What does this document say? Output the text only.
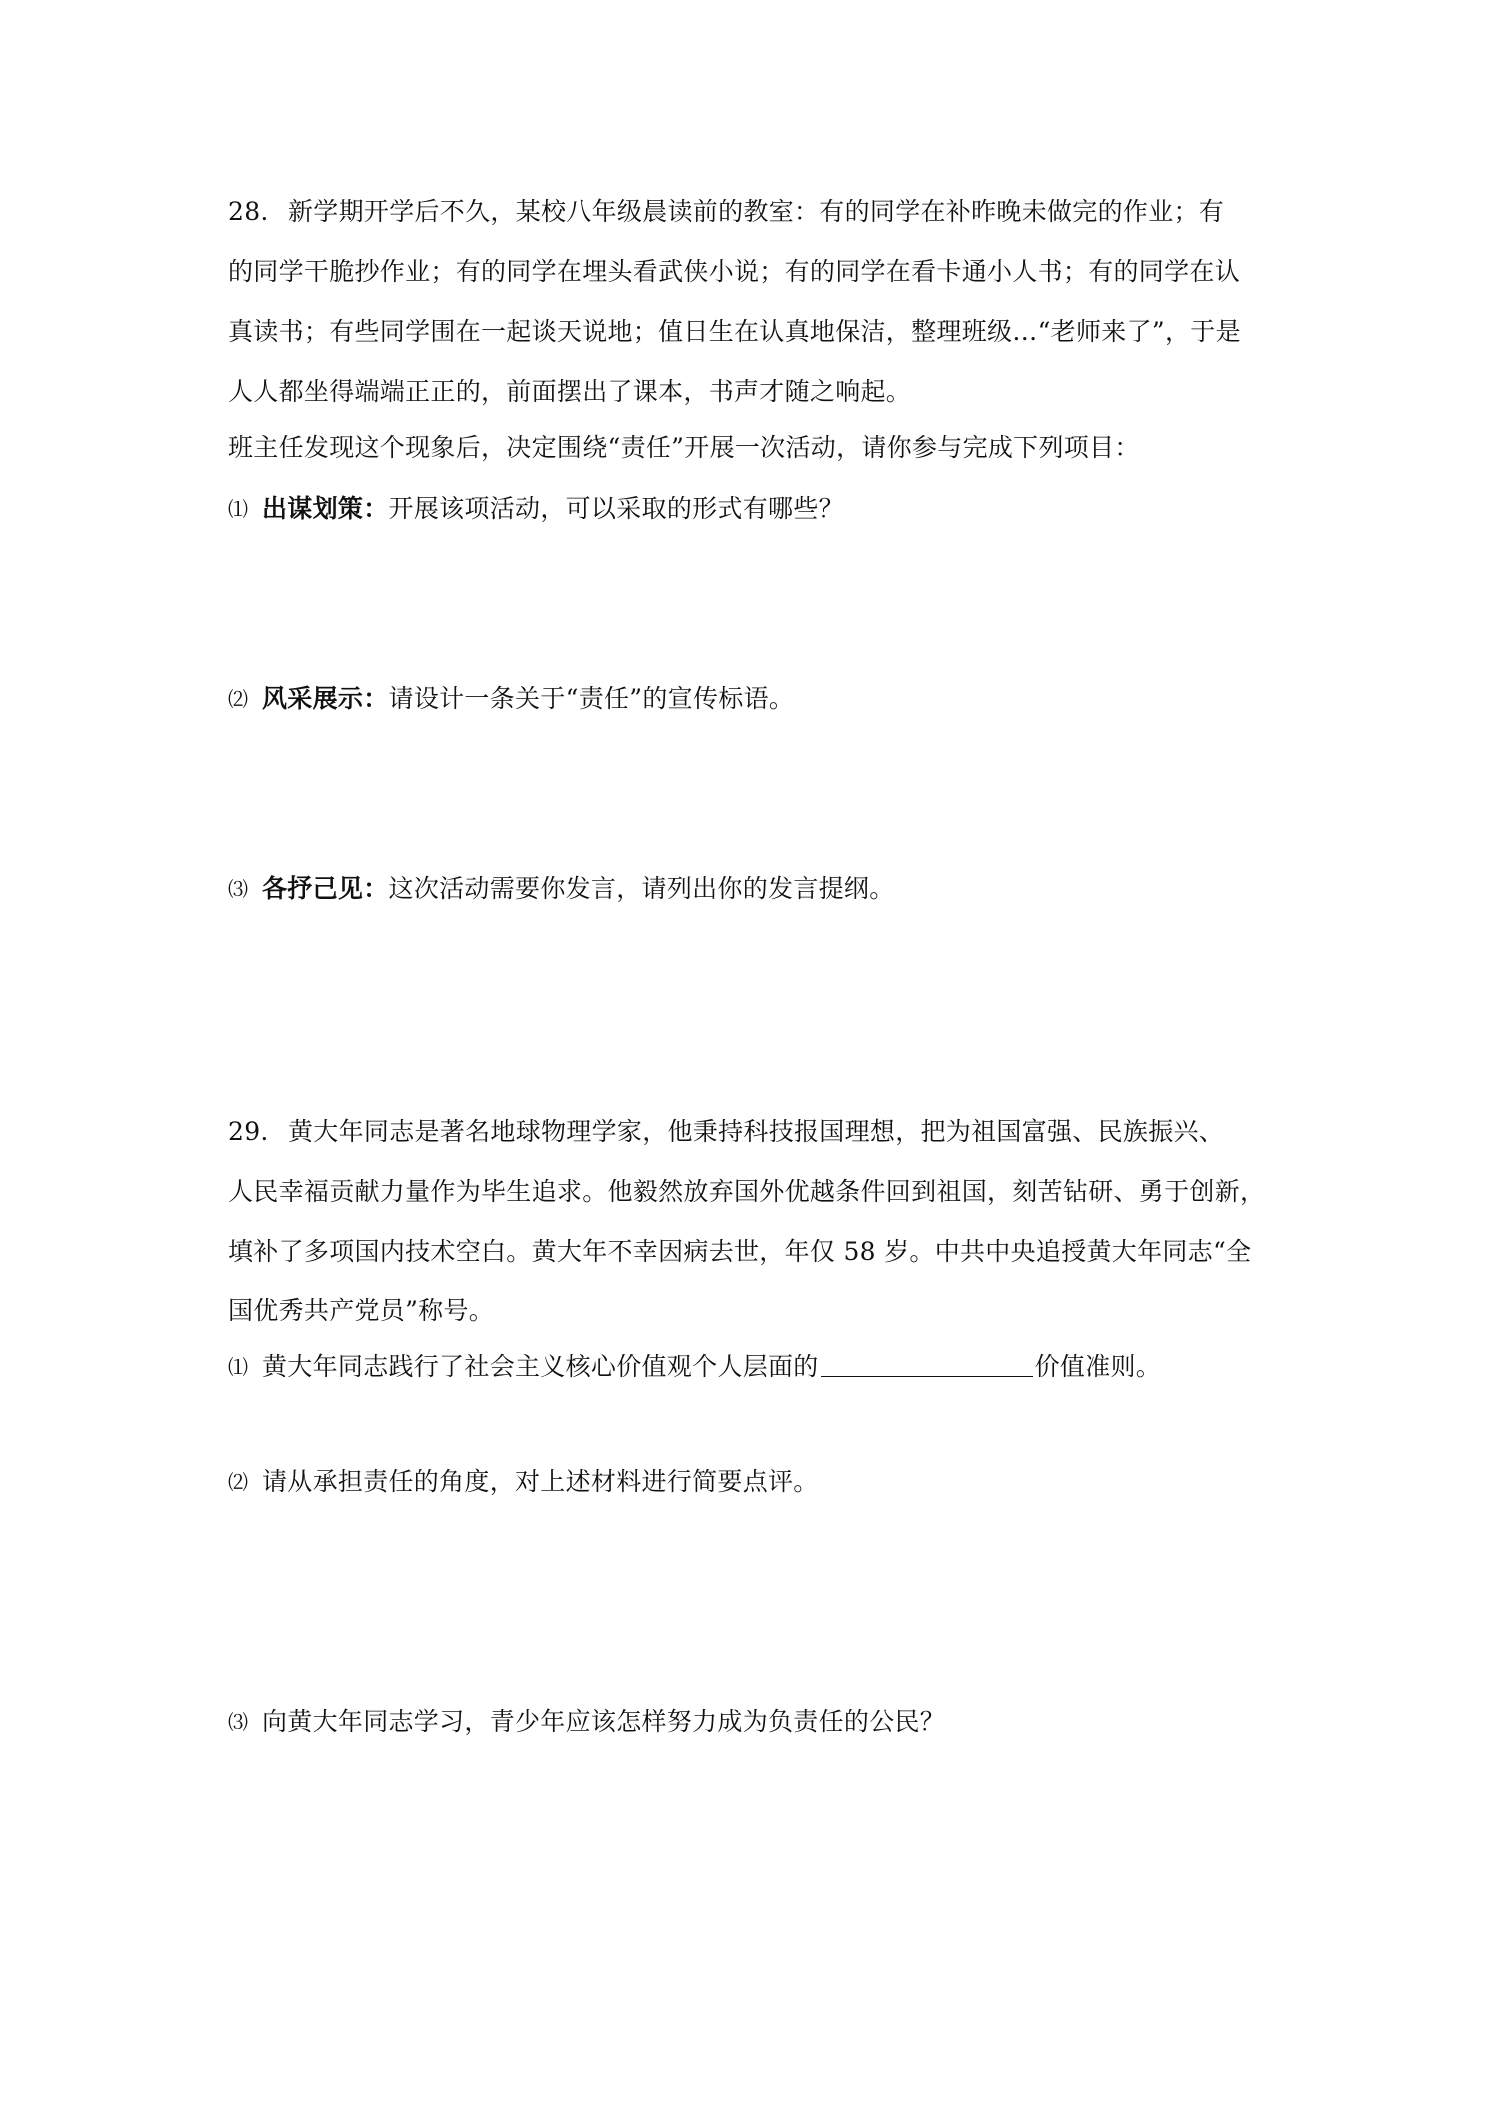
28. 新学期开学后不久，某校八年级晨读前的教室：有的同学在补昨晚未做完的作业；有
的同学干脆抄作业；有的同学在埋头看武侠小说；有的同学在看卡通小人书；有的同学在认
真读书；有些同学围在一起谈天说地；值日生在认真地保洁，整理班级…“老师来了”，于是
人人都坐得端端正正的，前面摆出了课本，书声才随之响起。
班主任发现这个现象后，决定围绕“责任”开展一次活动，请你参与完成下列项目：
⑴ 出谋划策：开展该项活动，可以采取的形式有哪些？
⑵ 风采展示：请设计一条关于“责任”的宣传标语。
⑶ 各抒己见：这次活动需要你发言，请列出你的发言提纲。
29. 黄大年同志是著名地球物理学家，他秉持科技报国理想，把为祖国富强、民族振兴、
人民幸福贡献力量作为毕生追求。他毅然放弃国外优越条件回到祖国，刻苦钻研、勇于创新，
填补了多项国内技术空白。黄大年不幸因病去世，年仅 58 岁。中共中央追授黄大年同志“全
国优秀共产党员”称号。
⑴ 黄大年同志践行了社会主义核心价值观个人层面的	价值准则。
⑵ 请从承担责任的角度，对上述材料进行简要点评。
⑶ 向黄大年同志学习，青少年应该怎样努力成为负责任的公民？
